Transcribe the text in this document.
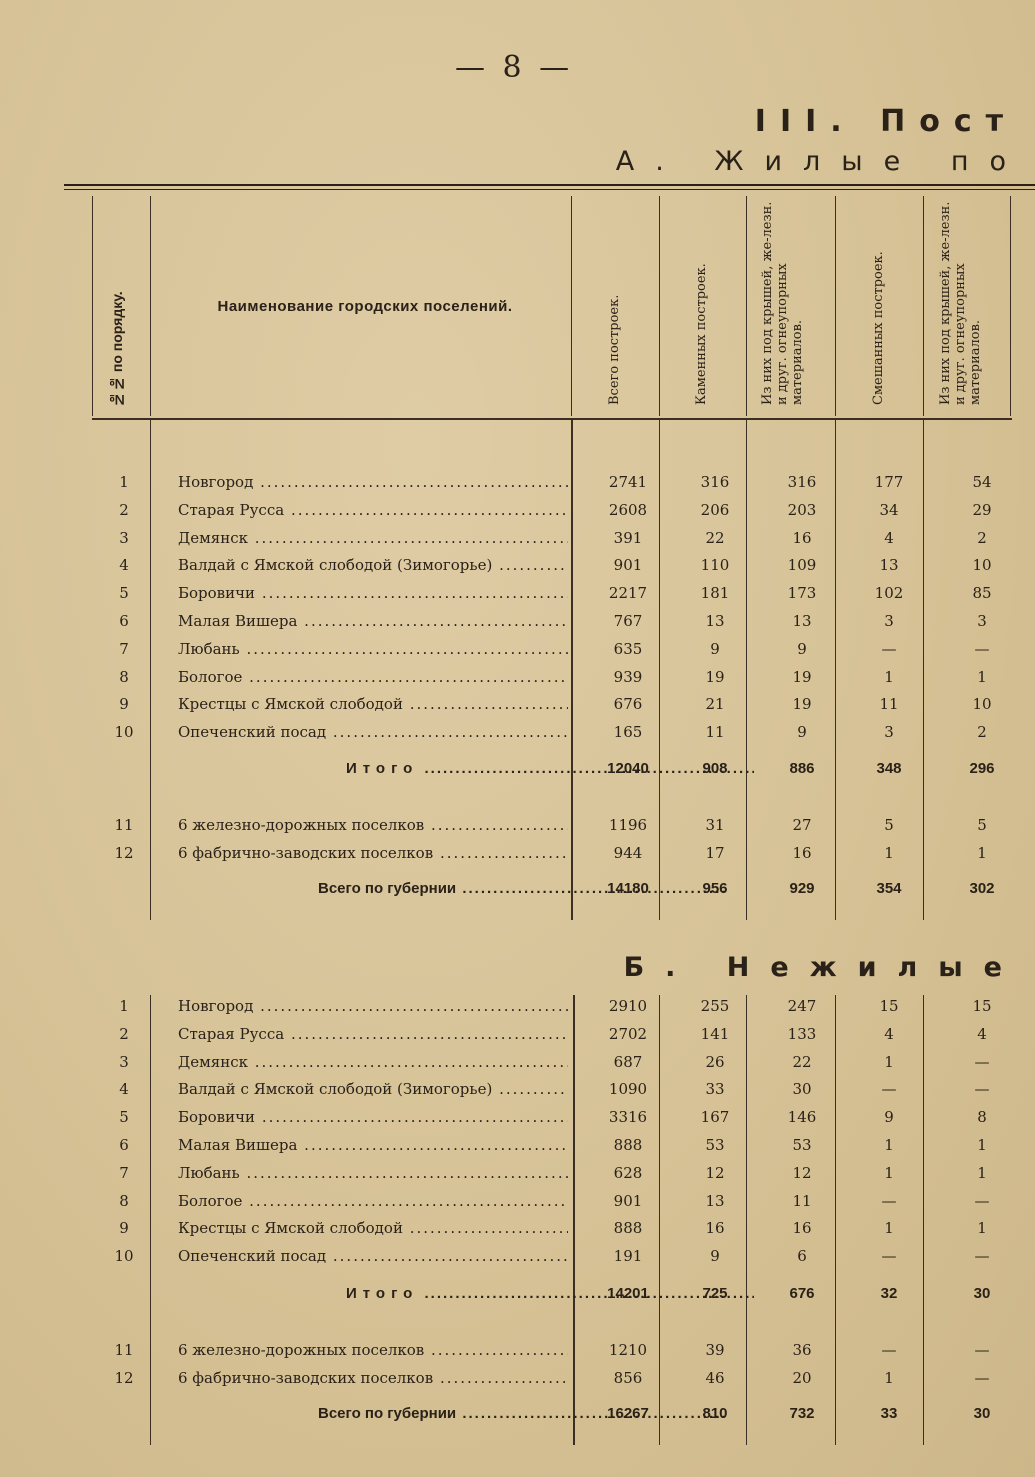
— 8 —
III. Пост
А. Жилые по
№№ по порядку.	Наименование городских поселений.	Всего построек.	Каменных построек.	Из них под крышей, же-лезн. и друг. огнеупорных материалов.	Смешанных построек.	Из них под крышей, же-лезн. и друг. огнеупорных материалов.
1	Новгород .....	2741	316	316	177	54
2	Старая Русса .....	2608	206	203	34	29
3	Демянск .....	391	22	16	4	2
4	Валдай с Ямской слободой (Зимогорье) .....	901	110	109	13	10
5	Боровичи .....	2217	181	173	102	85
6	Малая Вишера .....	767	13	13	3	3
7	Любань .....	635	9	9	—	—
8	Бологое .....	939	19	19	1	1
9	Крестцы с Ямской слободой .....	676	21	19	11	10
10	Опеченский посад .....	165	11	9	3	2
Итого .....	12040	908	886	348	296
11	6 железно-дорожных поселков .....	1196	31	27	5	5
12	6 фабрично-заводских поселков .....	944	17	16	1	1
Всего по губернии .....	14180	956	929	354	302
Б. Нежилые
1	Новгород .....	2910	255	247	15	15
2	Старая Русса .....	2702	141	133	4	4
3	Демянск .....	687	26	22	1	—
4	Валдай с Ямской слободой (Зимогорье) .....	1090	33	30	—	—
5	Боровичи .....	3316	167	146	9	8
6	Малая Вишера .....	888	53	53	1	1
7	Любань .....	628	12	12	1	1
8	Бологое .....	901	13	11	—	—
9	Крестцы с Ямской слободой .....	888	16	16	1	1
10	Опеченский посад .....	191	9	6	—	—
Итого .....	14201	725	676	32	30
11	6 железно-дорожных поселков .....	1210	39	36	—	—
12	6 фабрично-заводских поселков .....	856	46	20	1	—
Всего по губернии .....	16267	810	732	33	30
